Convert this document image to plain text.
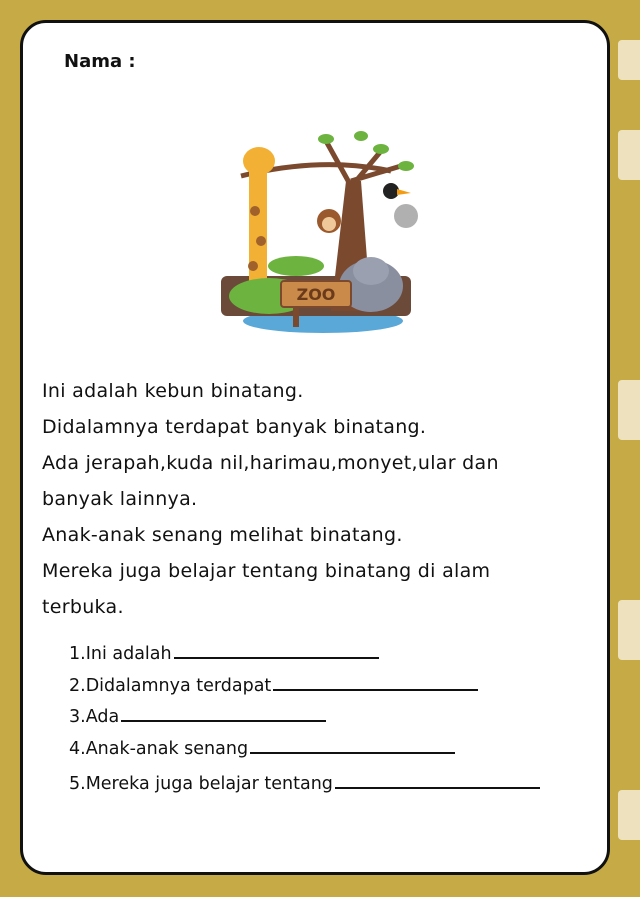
Nama :
ZOO
Ini adalah kebun binatang.
Didalamnya terdapat banyak binatang.
Ada jerapah,kuda nil,harimau,monyet,ular dan
banyak lainnya.
Anak-anak senang melihat binatang.
Mereka juga belajar tentang binatang di alam
terbuka.
1.Ini adalah
2.Didalamnya terdapat
3.Ada
4.Anak-anak senang
5.Mereka juga belajar tentang
